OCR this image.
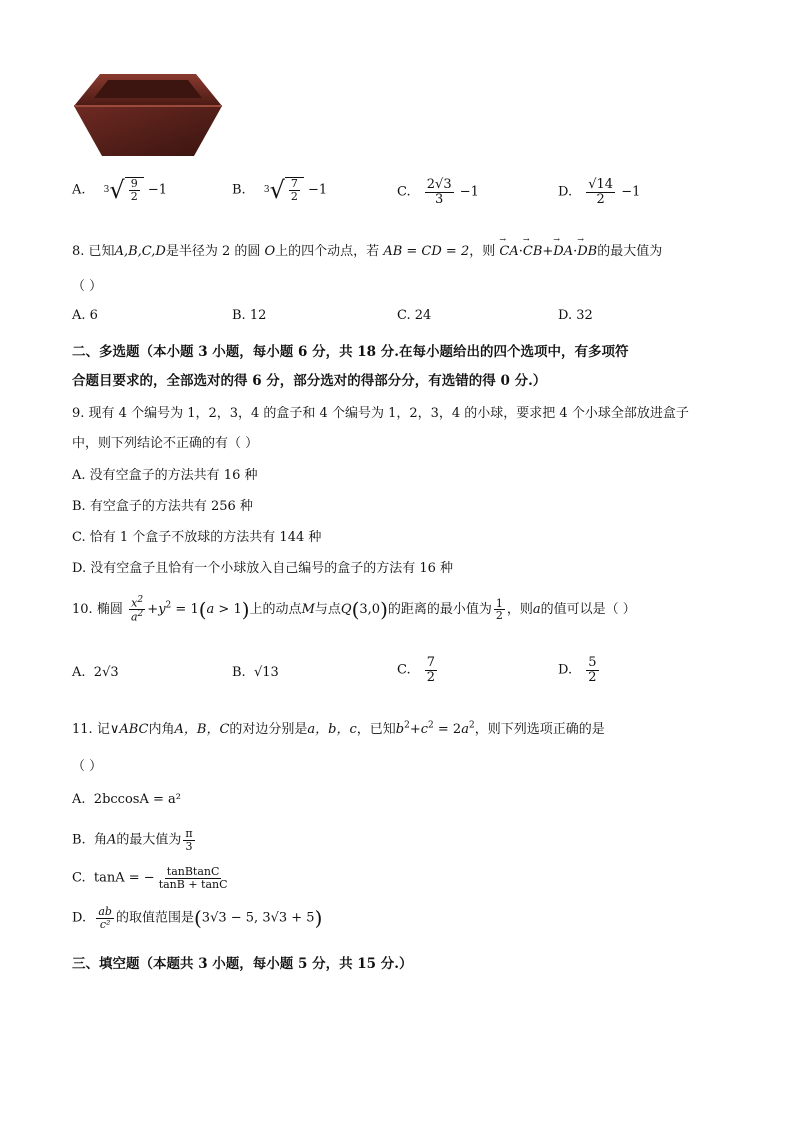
A. 3 √ $\frac{9}{2} -1$	B. 3 √ $\frac{7}{2} -1$	C. $\frac{2√3}{3} -1$	D. $\frac{√14}{2} -1$
8. 已知A,B,C,D是半径为 2 的圆 O上的四个动点，若 AB = CD = 2，则 → CA·→ CB+→ DA·→ DB的最大值为
（ ）
A. 6	B. 12	C. 24	D. 32
二、多选题（本小题 3 小题，每小题 6 分，共 18 分.在每小题给出的四个选项中，有多项符
合题目要求的，全部选对的得 6 分，部分选对的得部分分，有选错的得 0 分.）
9. 现有 4 个编号为 1，2，3，4 的盒子和 4 个编号为 1，2，3，4 的小球，要求把 4 个小球全部放进盒子
中，则下列结论不正确的有（ ）
A. 没有空盒子的方法共有 16 种
B. 有空盒子的方法共有 256 种
C. 恰有 1 个盒子不放球的方法共有 144 种
D. 没有空盒子且恰有一个小球放入自己编号的盒子的方法有 16 种
10. 椭圆 $\frac{x^2}{a^2} +y^2 = 1(a > 1)$上的动点M与点Q(3,0)的距离的最小值为 $\frac{1}{2}$ ，则a的值可以是（ ）
A. 2√3	B. √13	C. $\frac{7}{2}$	D. $\frac{5}{2}$
11. 记∨ABC内角A，B，C的对边分别是a，b，c，已知$b^2+c^2 = 2a^2$，则下列选项正确的是
（ ）
A. 2bccosA = a²
B. 角A的最大值为 $\frac{\pi}{3}$
C. tanA = − $\frac{\text{tanBtanC}}{\tan B + \tan C}$
D. $\frac{ab}{\text{c²}}$ 的取值范围是(3√3 − 5, 3√3 + 5)
三、填空题（本题共 3 小题，每小题 5 分，共 15 分.）
